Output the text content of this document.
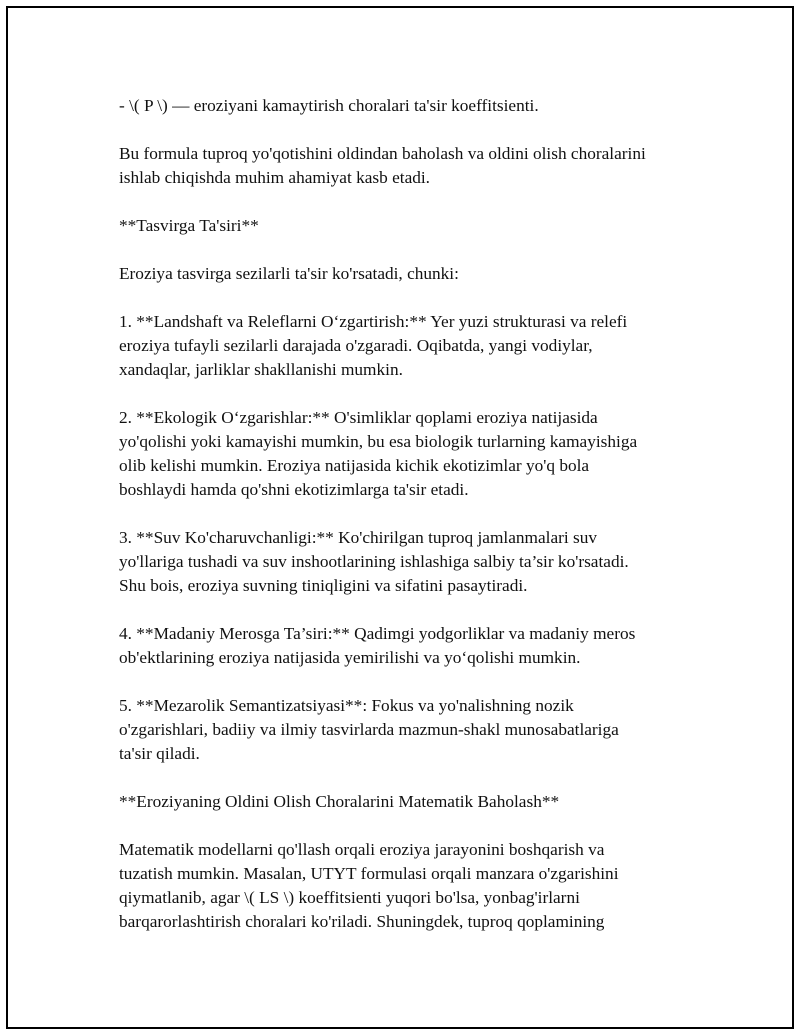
- \( P \) — eroziyani kamaytirish choralari ta'sir koeffitsienti.
Bu formula tuproq yo'qotishini oldindan baholash va oldini olish choralarini
ishlab chiqishda muhim ahamiyat kasb etadi.
**Tasvirga Ta'siri**
Eroziya tasvirga sezilarli ta'sir ko'rsatadi, chunki:
1. **Landshaft va Releflarni O‘zgartirish:** Yer yuzi strukturasi va relefi
eroziya tufayli sezilarli darajada o'zgaradi. Oqibatda, yangi vodiylar,
xandaqlar, jarliklar shakllanishi mumkin.
2. **Ekologik O‘zgarishlar:** O'simliklar qoplami eroziya natijasida
yo'qolishi yoki kamayishi mumkin, bu esa biologik turlarning kamayishiga
olib kelishi mumkin. Eroziya natijasida kichik ekotizimlar yo'q bola
boshlaydi hamda qo'shni ekotizimlarga ta'sir etadi.
3. **Suv Ko'charuvchanligi:** Ko'chirilgan tuproq jamlanmalari suv
yo'llariga tushadi va suv inshootlarining ishlashiga salbiy ta’sir ko'rsatadi.
Shu bois, eroziya suvning tiniqligini va sifatini pasaytiradi.
4. **Madaniy Merosga Ta’siri:** Qadimgi yodgorliklar va madaniy meros
ob'ektlarining eroziya natijasida yemirilishi va yo‘qolishi mumkin.
5. **Mezarolik Semantizatsiyasi**: Fokus va yo'nalishning nozik
o'zgarishlari, badiiy va ilmiy tasvirlarda mazmun-shakl munosabatlariga
ta'sir qiladi.
**Eroziyaning Oldini Olish Choralarini Matematik Baholash**
Matematik modellarni qo'llash orqali eroziya jarayonini boshqarish va
tuzatish mumkin. Masalan, UTYT formulasi orqali manzara o'zgarishini
qiymatlanib, agar \( LS \) koeffitsienti yuqori bo'lsa, yonbag'irlarni
barqarorlashtirish choralari ko'riladi. Shuningdek, tuproq qoplamining
